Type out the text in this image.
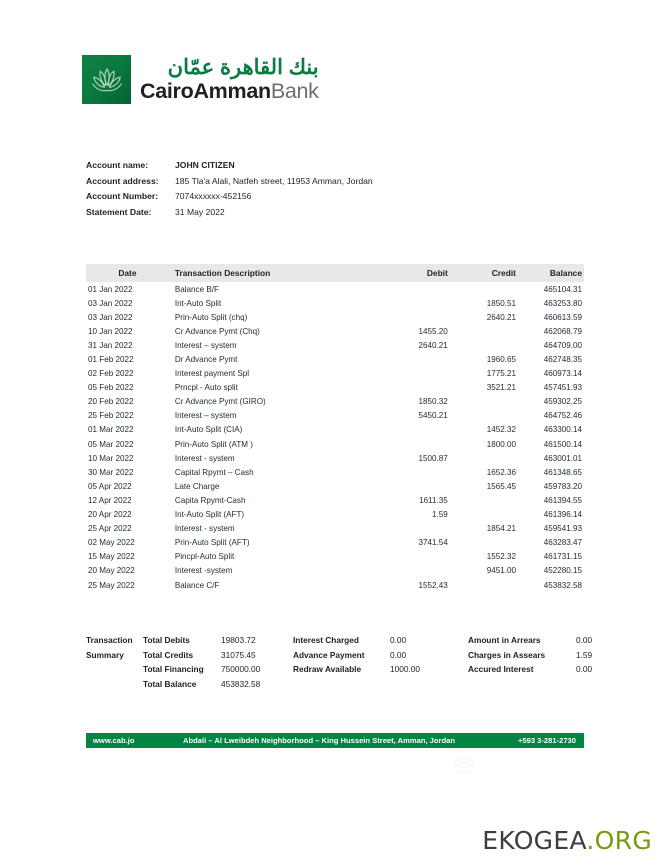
بنك القاهرة عمّان
CairoAmmanBank
Account name:	JOHN CITIZEN
Account address:	185 Tla'a Alali, Natfeh street, 11953 Amman, Jordan
Account Number:	7074xxxxxx-452156
Statement Date:	31 May 2022
Date	Transaction Description	Debit	Credit	Balance
01 Jan 2022	Balance B/F			465104.31
03 Jan 2022	Int-Auto Split		1850.51	463253.80
03 Jan 2022	Prin-Auto Split (chq)		2640.21	460613.59
10 Jan 2022	Cr Advance Pymt (Chq)	1455.20		462068.79
31 Jan 2022	Interest – system	2640.21		464709.00
01 Feb 2022	Dr Advance Pymt		1960.65	462748.35
02 Feb 2022	Interest payment Spl		1775.21	460973.14
05 Feb 2022	Prncpl - Auto split		3521.21	457451.93
20 Feb 2022	Cr Advance Pymt (GIRO)	1850.32		459302.25
25 Feb 2022	Interest – system	5450.21		464752.46
01 Mar 2022	Int-Auto Split (CIA)		1452.32	463300.14
05 Mar 2022	Prin-Auto Split (ATM )		1800.00	461500.14
10 Mar 2022	Interest - system	1500.87		463001.01
30 Mar 2022	Capital Rpymt – Cash		1652.36	461348.65
05 Apr 2022	Late Charge		1565.45	459783.20
12 Apr 2022	Capita Rpymt-Cash	1611.35		461394.55
20 Apr 2022	Int-Auto Split (AFT)	1.59		461396.14
25 Apr 2022	Interest - system		1854.21	459541.93
02 May 2022	Prin-Auto Split (AFT)	3741.54		463283.47
15 May 2022	Pincpl-Auto Split		1552.32	461731.15
20 May 2022	Interest -system		9451.00	452280.15
25 May 2022	Balance C/F	1552.43		453832.58
Transaction	Total Debits	19803.72	Interest Charged	0.00	Amount in Arrears	0.00
Summary	Total Credits	31075.45	Advance Payment	0.00	Charges in Assears	1.59
Total Financing	750000.00	Redraw Available	1000.00	Accured Interest	0.00
Total Balance	453832.58
www.cab.jo	Abdali – Al Lweibdeh Neighborhood – King Hussein Street, Amman, Jordan	+593 3-281-2730
EKOGEA.ORG
